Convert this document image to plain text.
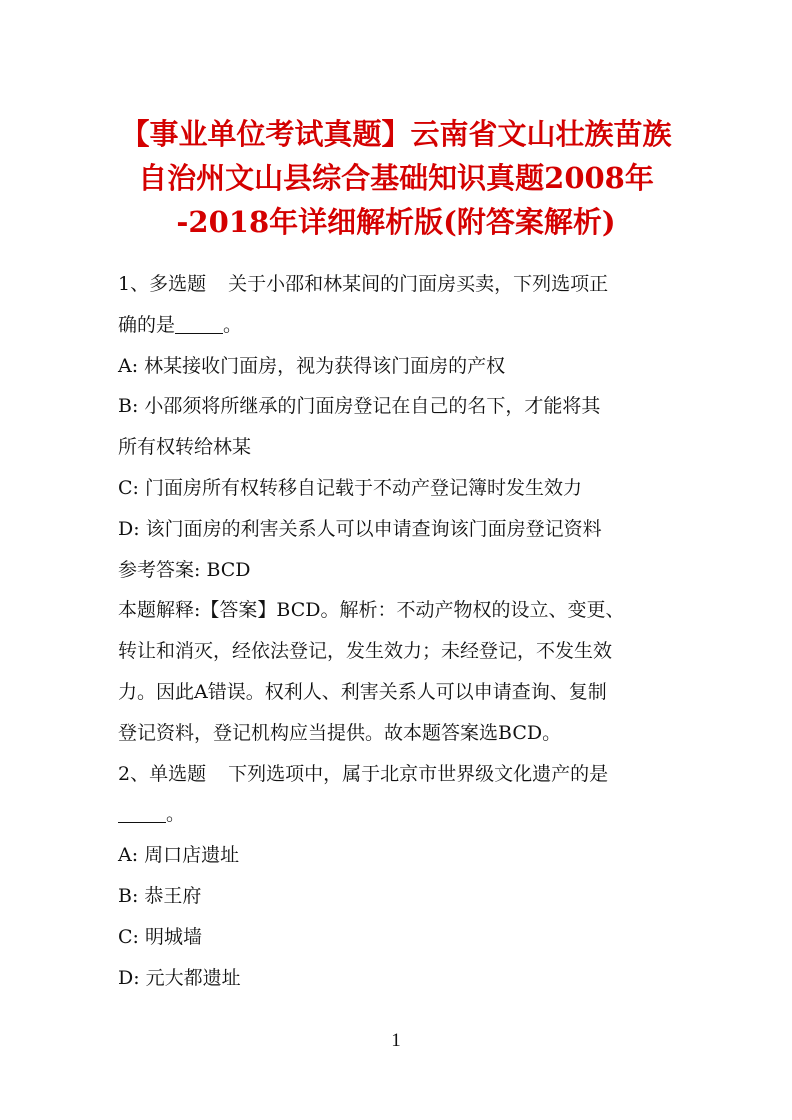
【事业单位考试真题】云南省文山壮族苗族
自治州文山县综合基础知识真题2008年
-2018年详细解析版(附答案解析)
1、多选题 关于小邵和林某间的门面房买卖，下列选项正
确的是	。
A: 林某接收门面房，视为获得该门面房的产权
B: 小邵须将所继承的门面房登记在自己的名下，才能将其
所有权转给林某
C: 门面房所有权转移自记载于不动产登记簿时发生效力
D: 该门面房的利害关系人可以申请查询该门面房登记资料
参考答案: BCD
本题解释:【答案】BCD。解析：不动产物权的设立、变更、
转让和消灭，经依法登记，发生效力；未经登记，不发生效
力。因此A错误。权利人、利害关系人可以申请查询、复制
登记资料，登记机构应当提供。故本题答案选BCD。
2、单选题 下列选项中，属于北京市世界级文化遗产的是
。
A: 周口店遗址
B: 恭王府
C: 明城墙
D: 元大都遗址
1
